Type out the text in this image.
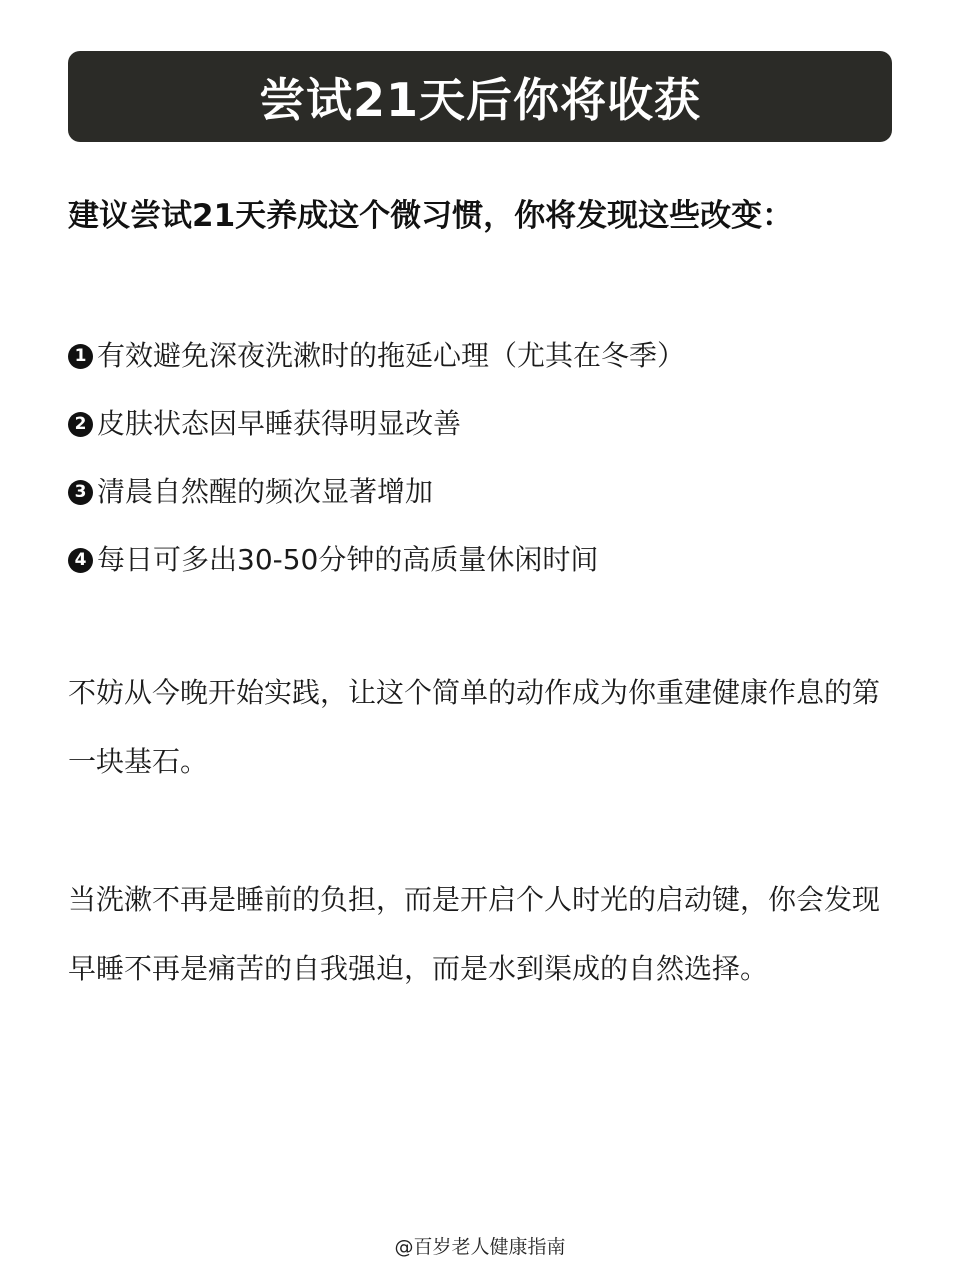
尝试21天后你将收获
建议尝试21天养成这个微习惯，你将发现这些改变：
1 有效避免深夜洗漱时的拖延心理（尤其在冬季）
2 皮肤状态因早睡获得明显改善
3 清晨自然醒的频次显著增加
4 每日可多出30-50分钟的高质量休闲时间

不妨从今晚开始实践，让这个简单的动作成为你重建健康作息的第一块基石。

当洗漱不再是睡前的负担，而是开启个人时光的启动键，你会发现早睡不再是痛苦的自我强迫，而是水到渠成的自然选择。

@百岁老人健康指南
